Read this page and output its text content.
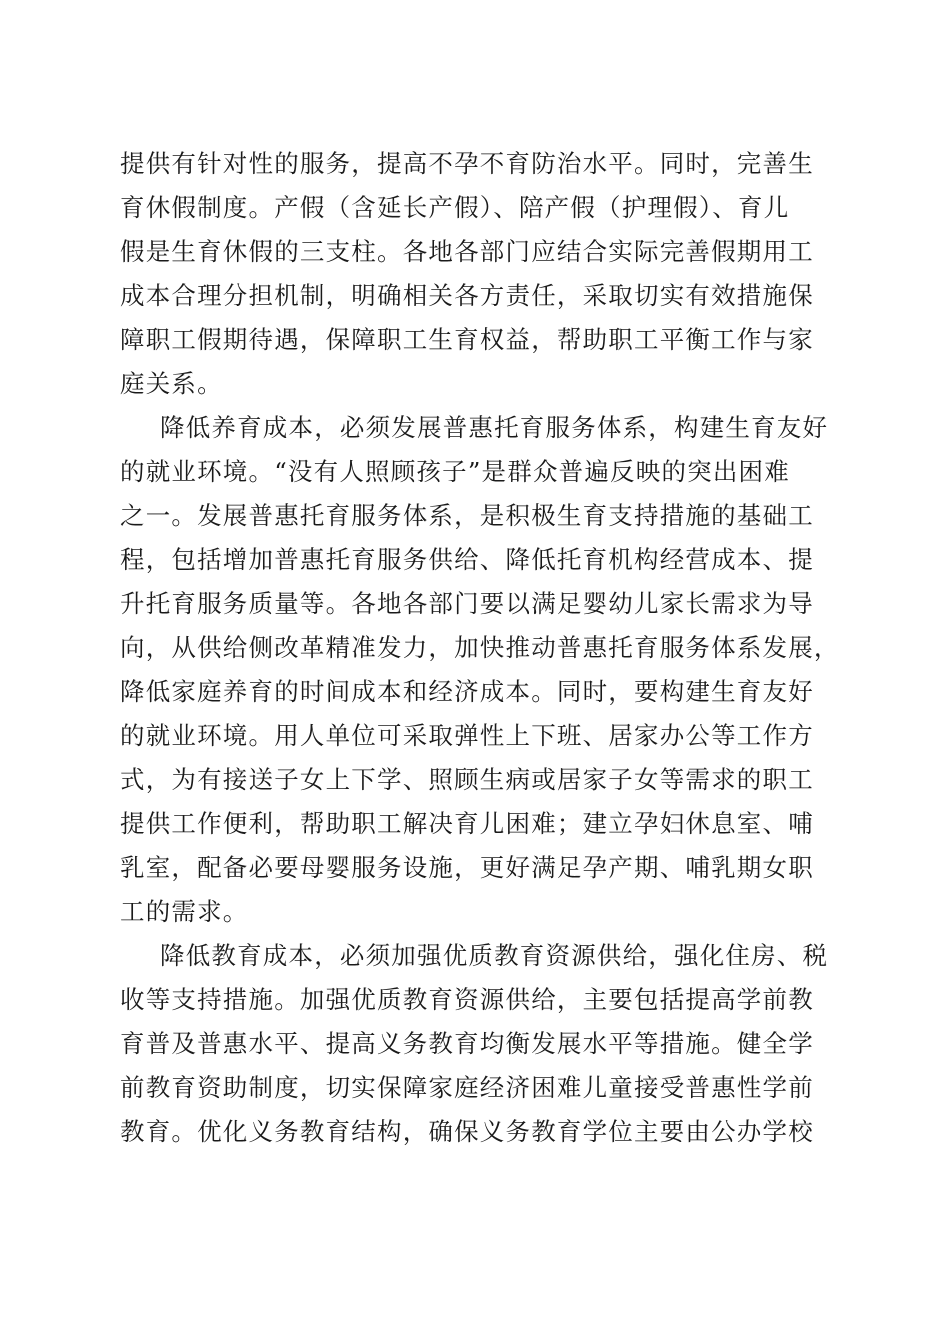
提供有针对性的服务，提高不孕不育防治水平。同时，完善生
育休假制度。产假（含延长产假）、陪产假（护理假）、育儿
假是生育休假的三支柱。各地各部门应结合实际完善假期用工
成本合理分担机制，明确相关各方责任，采取切实有效措施保
障职工假期待遇，保障职工生育权益，帮助职工平衡工作与家
庭关系。
降低养育成本，必须发展普惠托育服务体系，构建生育友好
的就业环境。“没有人照顾孩子”是群众普遍反映的突出困难
之一。发展普惠托育服务体系，是积极生育支持措施的基础工
程，包括增加普惠托育服务供给、降低托育机构经营成本、提
升托育服务质量等。各地各部门要以满足婴幼儿家长需求为导
向，从供给侧改革精准发力，加快推动普惠托育服务体系发展，
降低家庭养育的时间成本和经济成本。同时，要构建生育友好
的就业环境。用人单位可采取弹性上下班、居家办公等工作方
式，为有接送子女上下学、照顾生病或居家子女等需求的职工
提供工作便利，帮助职工解决育儿困难；建立孕妇休息室、哺
乳室，配备必要母婴服务设施，更好满足孕产期、哺乳期女职
工的需求。
降低教育成本，必须加强优质教育资源供给，强化住房、税
收等支持措施。加强优质教育资源供给，主要包括提高学前教
育普及普惠水平、提高义务教育均衡发展水平等措施。健全学
前教育资助制度，切实保障家庭经济困难儿童接受普惠性学前
教育。优化义务教育结构，确保义务教育学位主要由公办学校
